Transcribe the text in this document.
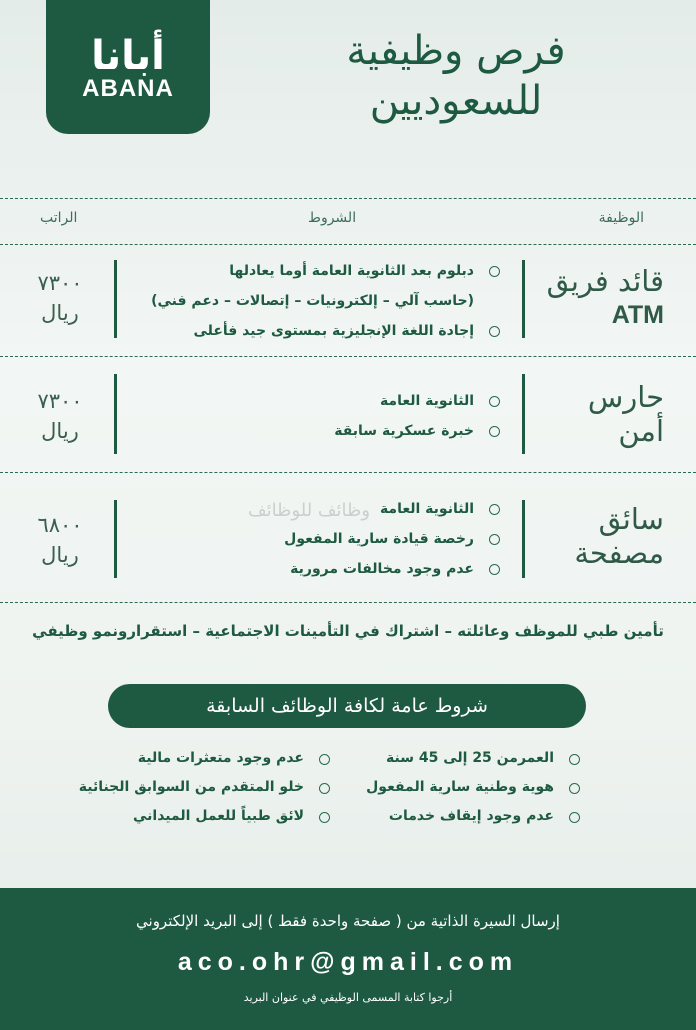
أبانا
ABANA
فرص وظيفية
للسعوديين
الوظيفة
الشروط
الراتب
قائد فريق
ATM
دبلوم بعد الثانوية العامة أوما يعادلها
(حاسب آلي – إلكترونيات – إتصالات – دعم فني)
إجادة اللغة الإنجليزية بمستوى جيد فأعلى
٧٣٠٠
ريال
حارس
أمن
الثانوية العامة
خبرة عسكرية سابقة
٧٣٠٠
ريال
سائق
مصفحة
الثانوية العامة
رخصة قيادة سارية المفعول
عدم وجود مخالفات مرورية
٦٨٠٠
ريال
وظائف للوظائف
تأمين طبي للموظف وعائلته – اشتراك في التأمينات الاجتماعية – استقرارونمو وظيفي
شروط عامة لكافة الوظائف السابقة
العمرمن 25 إلى 45 سنة
هوية وطنية سارية المفعول
عدم وجود إيقاف خدمات
عدم وجود متعثرات مالية
خلو المتقدم من السوابق الجنائية
لائق طبياً للعمل الميداني
إرسال السيرة الذاتية من ( صفحة واحدة فقط ) إلى البريد الإلكتروني
aco.ohr@gmail.com
أرجوا كتابة المسمى الوظيفي في عنوان البريد
